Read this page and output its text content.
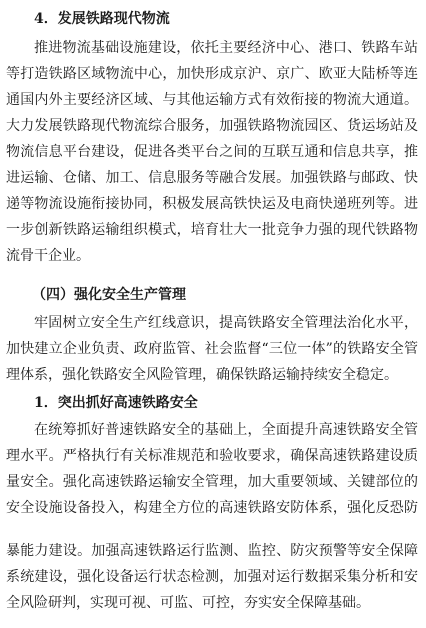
4．发展铁路现代物流
推进物流基础设施建设，依托主要经济中心、港口、铁路车站
等打造铁路区域物流中心，加快形成京沪、京广、欧亚大陆桥等连
通国内外主要经济区域、与其他运输方式有效衔接的物流大通道。
大力发展铁路现代物流综合服务，加强铁路物流园区、货运场站及
物流信息平台建设，促进各类平台之间的互联互通和信息共享，推
进运输、仓储、加工、信息服务等融合发展。加强铁路与邮政、快
递等物流设施衔接协同，积极发展高铁快运及电商快递班列等。进
一步创新铁路运输组织模式，培育壮大一批竞争力强的现代铁路物
流骨干企业。
（四）强化安全生产管理
牢固树立安全生产红线意识，提高铁路安全管理法治化水平，
加快建立企业负责、政府监管、社会监督“三位一体”的铁路安全管
理体系，强化铁路安全风险管理，确保铁路运输持续安全稳定。
1．突出抓好高速铁路安全
在统筹抓好普速铁路安全的基础上，全面提升高速铁路安全管
理水平。严格执行有关标准规范和验收要求，确保高速铁路建设质
量安全。强化高速铁路运输安全管理，加大重要领域、关键部位的
安全设施设备投入，构建全方位的高速铁路安防体系，强化反恐防
暴能力建设。加强高速铁路运行监测、监控、防灾预警等安全保障
系统建设，强化设备运行状态检测，加强对运行数据采集分析和安
全风险研判，实现可视、可监、可控，夯实安全保障基础。
